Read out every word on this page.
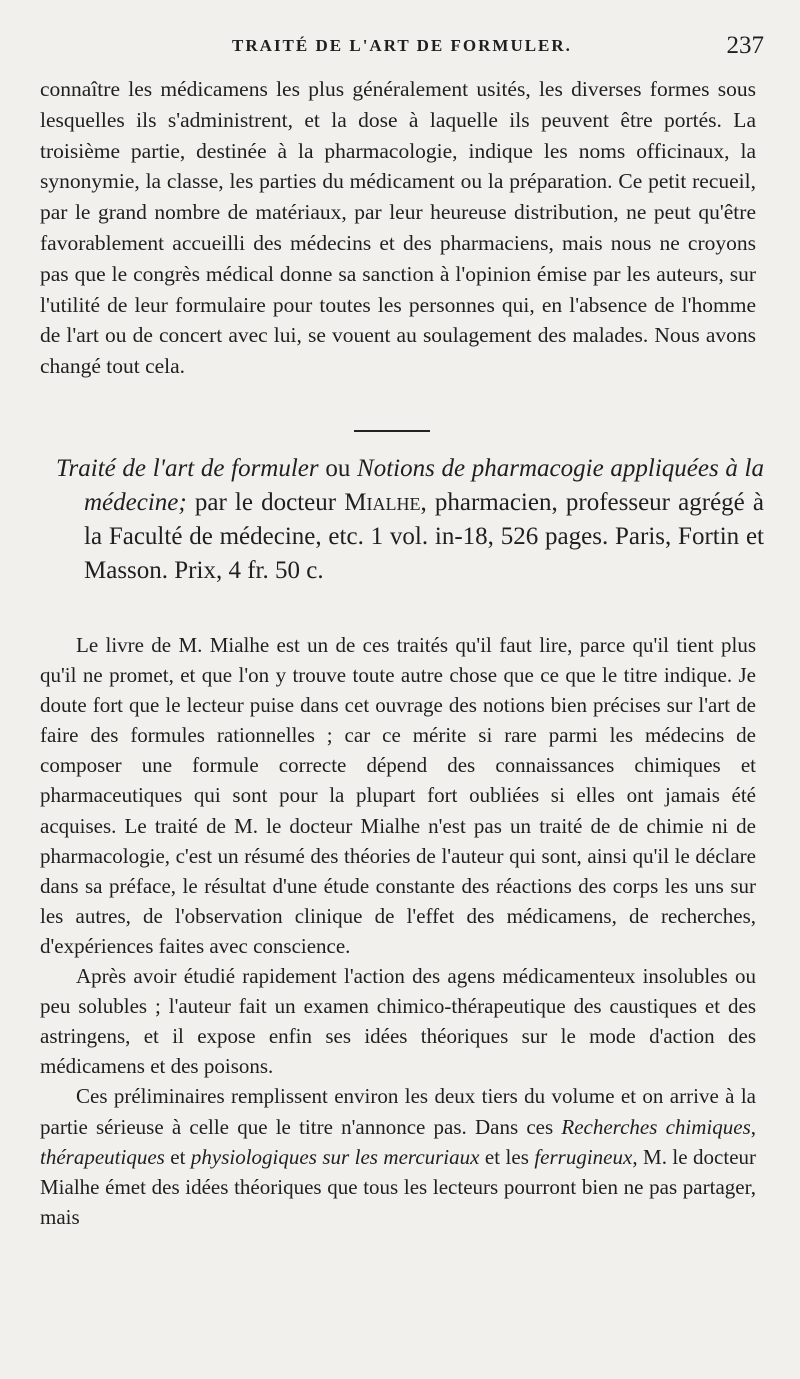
TRAITÉ DE L'ART DE FORMULER.	237

connaître les médicamens les plus généralement usités, les diverses formes sous lesquelles ils s'administrent, et la dose à laquelle ils peuvent être portés. La troisième partie, destinée à la pharmacologie, indique les noms officinaux, la synonymie, la classe, les parties du médicament ou la préparation. Ce petit recueil, par le grand nombre de matériaux, par leur heureuse distribution, ne peut qu'être favorablement accueilli des médecins et des pharmaciens, mais nous ne croyons pas que le congrès médical donne sa sanction à l'opinion émise par les auteurs, sur l'utilité de leur formulaire pour toutes les personnes qui, en l'absence de l'homme de l'art ou de concert avec lui, se vouent au soulagement des malades. Nous avons changé tout cela.

Traité de l'art de formuler ou Notions de pharmacogie appliquées à la médecine; par le docteur Mialhe, pharmacien, professeur agrégé à la Faculté de médecine, etc. 1 vol. in-18, 526 pages. Paris, Fortin et Masson. Prix, 4 fr. 50 c.

Le livre de M. Mialhe est un de ces traités qu'il faut lire, parce qu'il tient plus qu'il ne promet, et que l'on y trouve toute autre chose que ce que le titre indique. Je doute fort que le lecteur puise dans cet ouvrage des notions bien précises sur l'art de faire des formules rationnelles ; car ce mérite si rare parmi les médecins de composer une formule correcte dépend des connaissances chimiques et pharmaceutiques qui sont pour la plupart fort oubliées si elles ont jamais été acquises. Le traité de M. le docteur Mialhe n'est pas un traité de de chimie ni de pharmacologie, c'est un résumé des théories de l'auteur qui sont, ainsi qu'il le déclare dans sa préface, le résultat d'une étude constante des réactions des corps les uns sur les autres, de l'observation clinique de l'effet des médicamens, de recherches, d'expériences faites avec conscience.

Après avoir étudié rapidement l'action des agens médicamenteux insolubles ou peu solubles ; l'auteur fait un examen chimico-thérapeutique des caustiques et des astringens, et il expose enfin ses idées théoriques sur le mode d'action des médicamens et des poisons.

Ces préliminaires remplissent environ les deux tiers du volume et on arrive à la partie sérieuse à celle que le titre n'annonce pas. Dans ces Recherches chimiques, thérapeutiques et physiologiques sur les mercuriaux et les ferrugineux, M. le docteur Mialhe émet des idées théoriques que tous les lecteurs pourront bien ne pas partager, mais
